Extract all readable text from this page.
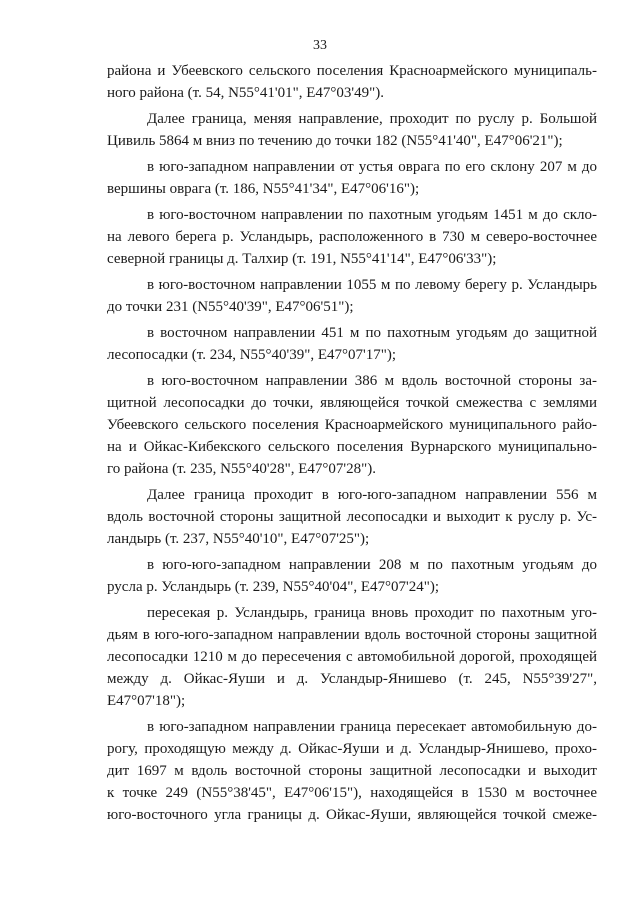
33
района и Убеевского сельского поселения Красноармейского муниципаль-
ного района (т. 54, N55°41'01", E47°03'49").
Далее граница, меняя направление, проходит по руслу р. Большой
Цивиль 5864 м вниз по течению до точки 182 (N55°41'40", E47°06'21");
в юго-западном направлении от устья оврага по его склону 207 м до
вершины оврага (т. 186, N55°41'34", E47°06'16");
в юго-восточном направлении по пахотным угодьям 1451 м до скло-
на левого берега р. Усландырь, расположенного в 730 м северо-восточнее
северной границы д. Талхир (т. 191, N55°41'14", E47°06'33");
в юго-восточном направлении 1055 м по левому берегу р. Усландырь
до точки 231 (N55°40'39", E47°06'51");
в восточном направлении 451 м по пахотным угодьям до защитной
лесопосадки (т. 234, N55°40'39", E47°07'17");
в юго-восточном направлении 386 м вдоль восточной стороны за-
щитной лесопосадки до точки, являющейся точкой смежества с землями
Убеевского сельского поселения Красноармейского муниципального райо-
на и Ойкас-Кибекского сельского поселения Вурнарского муниципально-
го района (т. 235, N55°40'28", E47°07'28").
Далее граница проходит в юго-юго-западном направлении 556 м
вдоль восточной стороны защитной лесопосадки и выходит к руслу р. Ус-
ландырь (т. 237, N55°40'10", E47°07'25");
в юго-юго-западном направлении 208 м по пахотным угодьям до
русла р. Усландырь (т. 239, N55°40'04", E47°07'24");
пересекая р. Усландырь, граница вновь проходит по пахотным уго-
дьям в юго-юго-западном направлении вдоль восточной стороны защитной
лесопосадки 1210 м до пересечения с автомобильной дорогой, проходящей
между д. Ойкас-Яуши и д. Усландыр-Янишево (т. 245, N55°39'27",
E47°07'18");
в юго-западном направлении граница пересекает автомобильную до-
рогу, проходящую между д. Ойкас-Яуши и д. Усландыр-Янишево, прохо-
дит 1697 м вдоль восточной стороны защитной лесопосадки и выходит
к точке 249 (N55°38'45", E47°06'15"), находящейся в 1530 м восточнее
юго-восточного угла границы д. Ойкас-Яуши, являющейся точкой смеже-
